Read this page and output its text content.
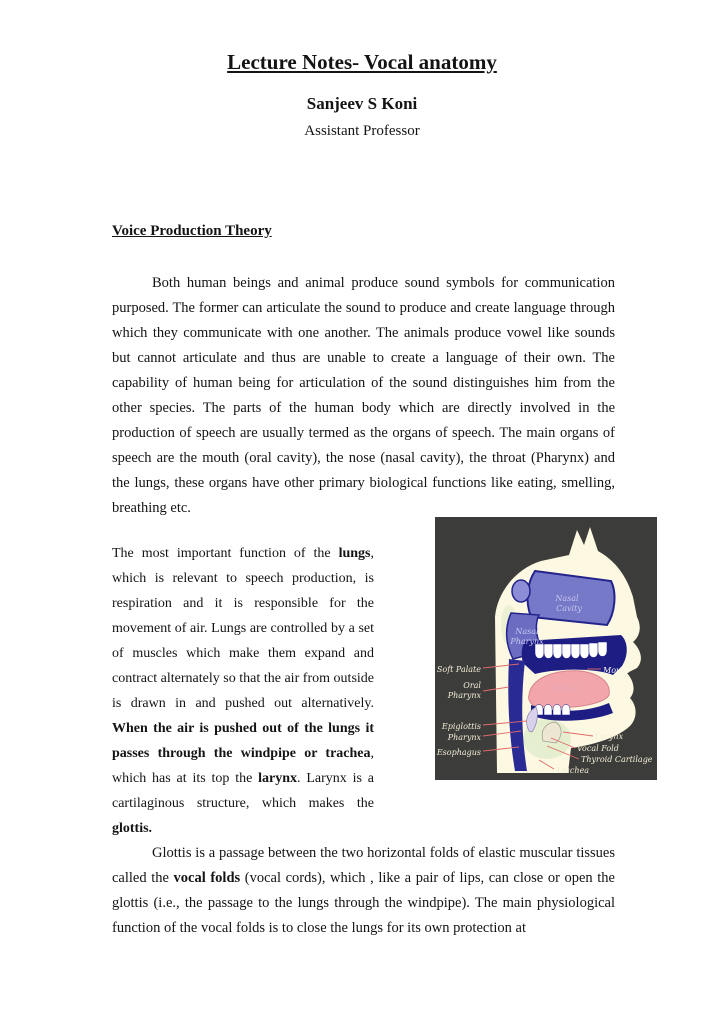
Lecture Notes- Vocal anatomy
Sanjeev S Koni
Assistant Professor
Voice Production Theory

Both human beings and animal produce sound symbols for communication purposed. The former can articulate the sound to produce and create language through which they communicate with one another. The animals produce vowel like sounds but cannot articulate and thus are unable to create a language of their own. The capability of human being for articulation of the sound distinguishes him from the other species. The parts of the human body which are directly involved in the production of speech are usually termed as the organs of speech. The main organs of speech are the mouth (oral cavity), the nose (nasal cavity), the throat (Pharynx) and the lungs, these organs have other primary biological functions like eating, smelling, breathing etc.

The most important function of the lungs, which is relevant to speech production, is respiration and it is responsible for the movement of air. Lungs are controlled by a set of muscles which make them expand and contract alternately so that the air from outside is drawn in and pushed out alternatively. When the air is pushed out of the lungs it passes through the windpipe or trachea, which has at its top the larynx. Larynx is a cartilaginous structure, which makes the glottis.

Nasal
Cavity
Nasal
Pharynx
Soft Palate
Oral
Pharynx
Epiglottis
Pharynx
Esophagus
Mouth
Tongue
Larynx
Vocal Fold
Thyroid Cartilage
Trachea

Glottis is a passage between the two horizontal folds of elastic muscular tissues called the vocal folds (vocal cords), which , like a pair of lips, can close or open the glottis (i.e., the passage to the lungs through the windpipe). The main physiological function of the vocal folds is to close the lungs for its own protection at
